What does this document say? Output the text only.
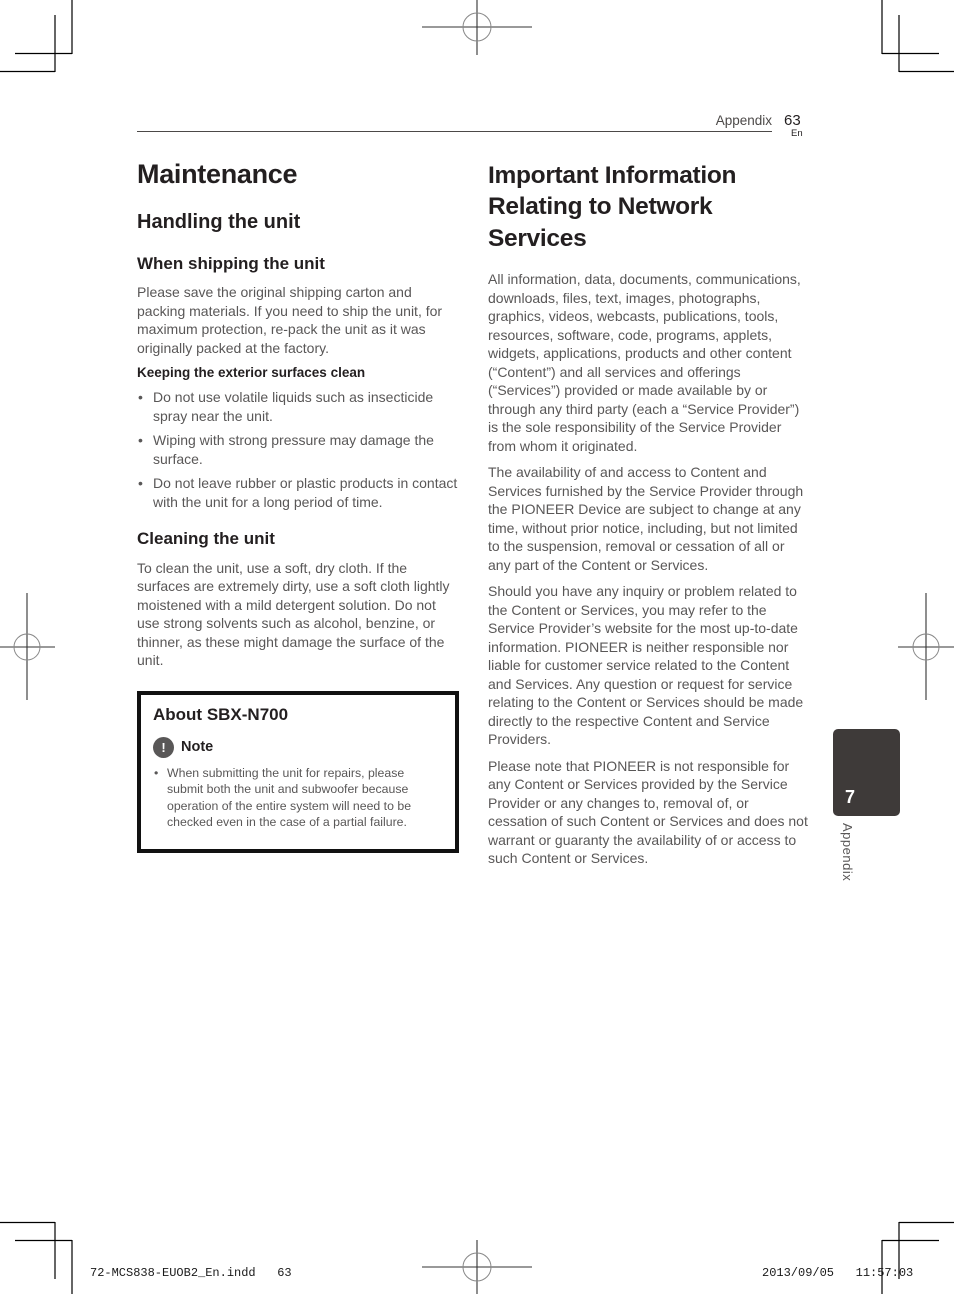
Appendix 63
En
Maintenance
Handling the unit
When shipping the unit

Please save the original shipping carton and packing materials. If you need to ship the unit, for maximum protection, re-pack the unit as it was originally packed at the factory.

Keeping the exterior surfaces clean
• Do not use volatile liquids such as insecticide spray near the unit.
• Wiping with strong pressure may damage the surface.
• Do not leave rubber or plastic products in contact with the unit for a long period of time.
Cleaning the unit

To clean the unit, use a soft, dry cloth. If the surfaces are extremely dirty, use a soft cloth lightly moistened with a mild detergent solution. Do not use strong solvents such as alcohol, benzine, or thinner, as these might damage the surface of the unit.

About SBX-N700
!	Note
• When submitting the unit for repairs, please submit both the unit and subwoofer because operation of the entire system will need to be checked even in the case of a partial failure.
Important Information Relating to Network Services

All information, data, documents, communications, downloads, files, text, images, photographs, graphics, videos, webcasts, publications, tools, resources, software, code, programs, applets, widgets, applications, products and other content (“Content”) and all services and offerings (“Services”) provided or made available by or through any third party (each a “Service Provider”) is the sole responsibility of the Service Provider from whom it originated.

The availability of and access to Content and Services furnished by the Service Provider through the PIONEER Device are subject to change at any time, without prior notice, including, but not limited to the suspension, removal or cessation of all or any part of the Content or Services.

Should you have any inquiry or problem related to the Content or Services, you may refer to the Service Provider’s website for the most up-to-date information. PIONEER is neither responsible nor liable for customer service related to the Content and Services. Any question or request for service relating to the Content or Services should be made directly to the respective Content and Service Providers.

Please note that PIONEER is not responsible for any Content or Services provided by the Service Provider or any changes to, removal of, or cessation of such Content or Services and does not warrant or guaranty the availability of or access to such Content or Services.

7
Appendix
72-MCS838-EUOB2_En.indd   63	2013/09/05   11:57:03
